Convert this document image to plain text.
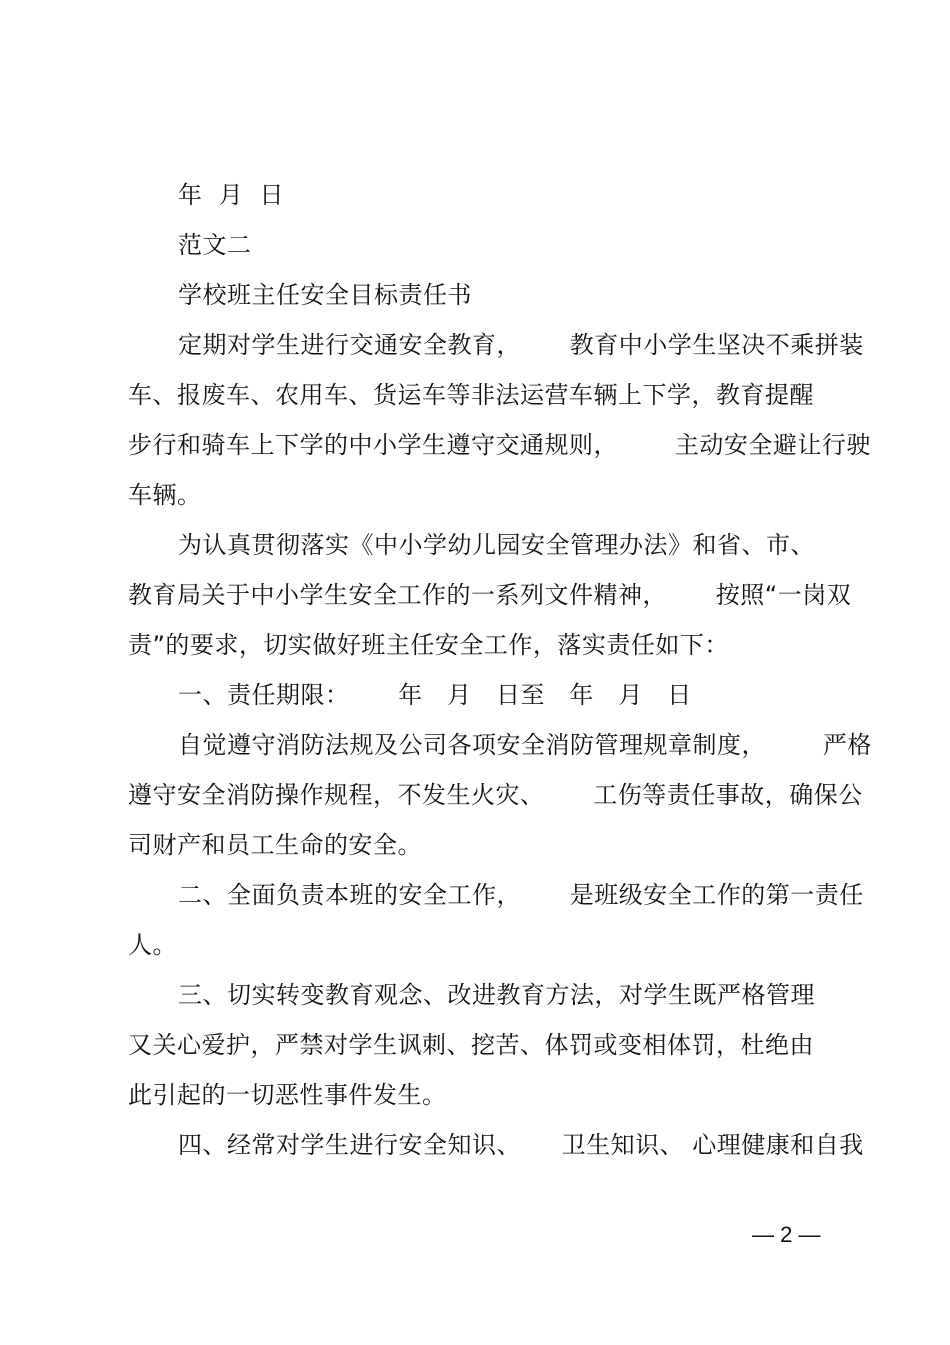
年  月  日
范文二
学校班主任安全目标责任书
定期对学生进行交通安全教育，      教育中小学生坚决不乘拼装
车、报废车、农用车、货运车等非法运营车辆上下学，教育提醒
步行和骑车上下学的中小学生遵守交通规则，       主动安全避让行驶
车辆。
为认真贯彻落实《中小学幼儿园安全管理办法》和省、市、
教育局关于中小学生安全工作的一系列文件精神，      按照“一岗双
责”的要求，切实做好班主任安全工作，落实责任如下：
一、责任期限：      年   月   日至   年   月   日
自觉遵守消防法规及公司各项安全消防管理规章制度，       严格
遵守安全消防操作规程，不发生火灾、      工伤等责任事故，确保公
司财产和员工生命的安全。
二、全面负责本班的安全工作，      是班级安全工作的第一责任
人。
三、切实转变教育观念、改进教育方法，对学生既严格管理
又关心爱护，严禁对学生讽刺、挖苦、体罚或变相体罚，杜绝由
此引起的一切恶性事件发生。
四、经常对学生进行安全知识、     卫生知识、 心理健康和自我
— 2 —
